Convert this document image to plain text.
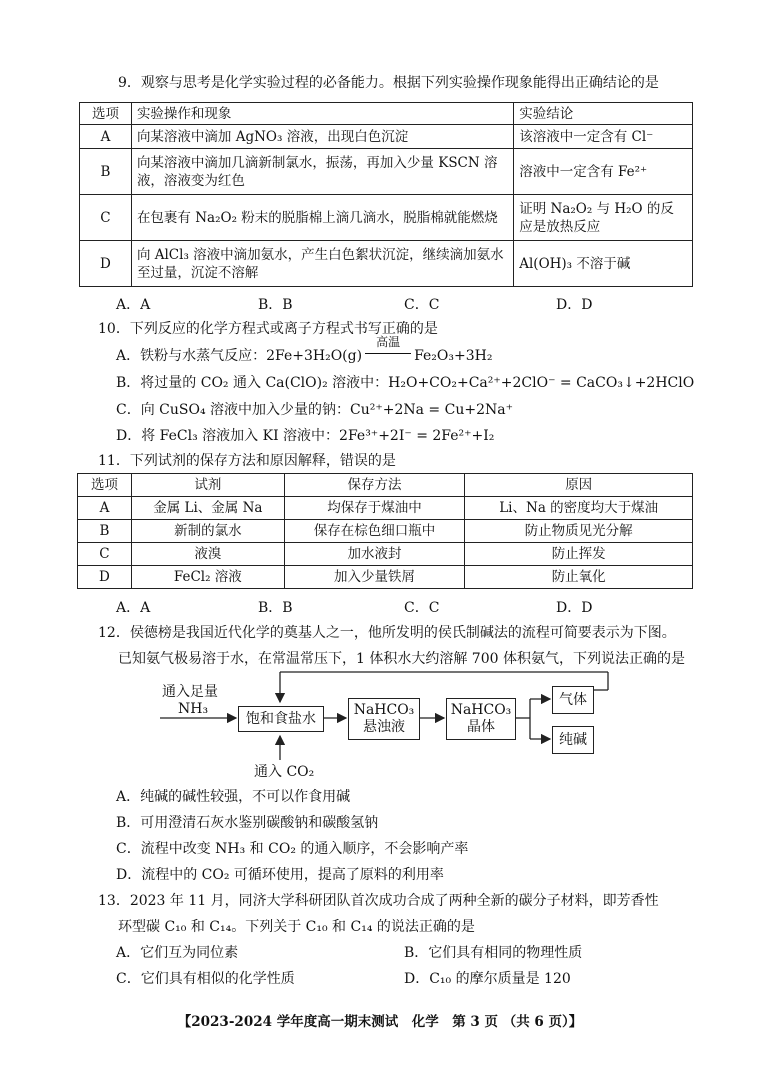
9．观察与思考是化学实验过程的必备能力。根据下列实验操作现象能得出正确结论的是
选项	实验操作和现象	实验结论
A	向某溶液中滴加 AgNO₃ 溶液，出现白色沉淀	该溶液中一定含有 Cl⁻
B	向某溶液中滴加几滴新制氯水，振荡，再加入少量 KSCN 溶液，溶液变为红色	溶液中一定含有 Fe²⁺
C	在包裹有 Na₂O₂ 粉末的脱脂棉上滴几滴水，脱脂棉就能燃烧	证明 Na₂O₂ 与 H₂O 的反应是放热反应
D	向 AlCl₃ 溶液中滴加氨水，产生白色絮状沉淀，继续滴加氨水至过量，沉淀不溶解	Al(OH)₃ 不溶于碱
A．A	B．B	C．C	D．D
10．下列反应的化学方程式或离子方程式书写正确的是
A．铁粉与水蒸气反应：2Fe+3H₂O(g)
高温
Fe₂O₃+3H₂
B．将过量的 CO₂ 通入 Ca(ClO)₂ 溶液中：H₂O+CO₂+Ca²⁺+2ClO⁻ = CaCO₃↓+2HClO
C．向 CuSO₄ 溶液中加入少量的钠：Cu²⁺+2Na = Cu+2Na⁺
D．将 FeCl₃ 溶液加入 KI 溶液中：2Fe³⁺+2I⁻ = 2Fe²⁺+I₂
11．下列试剂的保存方法和原因解释，错误的是
选项	试剂	保存方法	原因
A	金属 Li、金属 Na	均保存于煤油中	Li、Na 的密度均大于煤油
B	新制的氯水	保存在棕色细口瓶中	防止物质见光分解
C	液溴	加水液封	防止挥发
D	FeCl₂ 溶液	加入少量铁屑	防止氧化
A．A	B．B	C．C	D．D
12．侯德榜是我国近代化学的奠基人之一，他所发明的侯氏制碱法的流程可简要表示为下图。
已知氨气极易溶于水，在常温常压下，1 体积水大约溶解 700 体积氨气，下列说法正确的是
通入足量
NH₃
饱和食盐水
NaHCO₃
悬浊液
NaHCO₃
晶体
气体
纯碱
通入 CO₂
A．纯碱的碱性较强，不可以作食用碱
B．可用澄清石灰水鉴别碳酸钠和碳酸氢钠
C．流程中改变 NH₃ 和 CO₂ 的通入顺序，不会影响产率
D．流程中的 CO₂ 可循环使用，提高了原料的利用率
13．2023 年 11 月，同济大学科研团队首次成功合成了两种全新的碳分子材料，即芳香性
环型碳 C₁₀ 和 C₁₄。下列关于 C₁₀ 和 C₁₄ 的说法正确的是
A．它们互为同位素	B．它们具有相同的物理性质
C．它们具有相似的化学性质	D．C₁₀ 的摩尔质量是 120
【2023-2024 学年度高一期末测试　化学　第 3 页 （共 6 页）】
